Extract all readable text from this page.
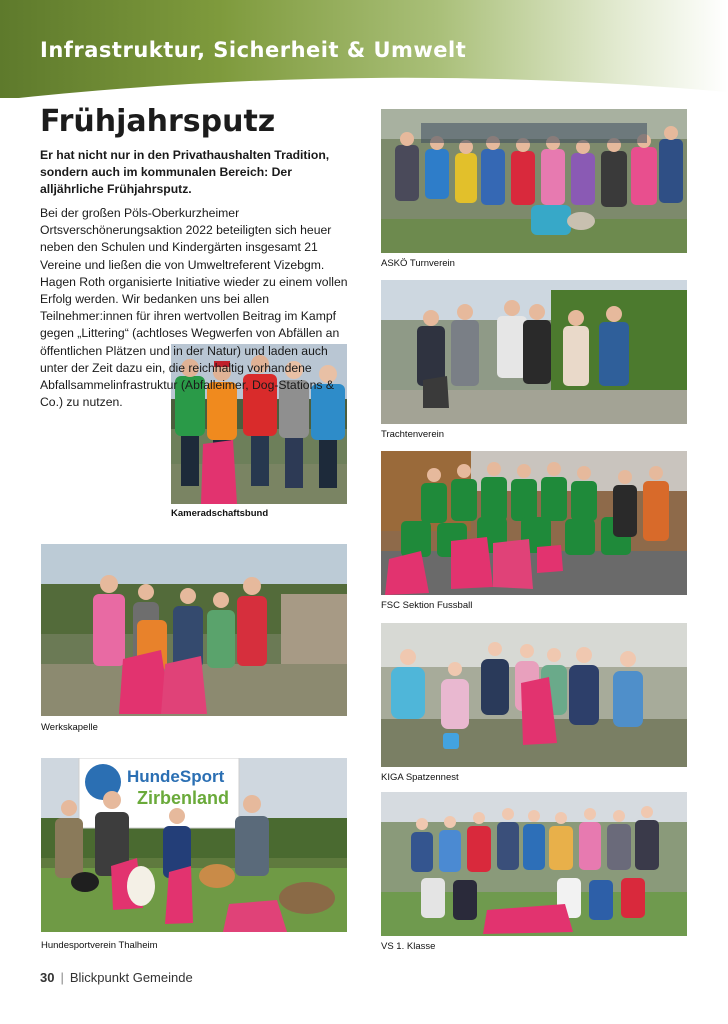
Infrastruktur, Sicherheit & Umwelt
Frühjahrsputz
Er hat nicht nur in den Privathaushalten Tradition, sondern auch im kommunalen Bereich: Der alljährliche Frühjahrsputz.
Bei der großen Pöls-Oberkurzheimer Ortsverschönerungsaktion 2022 beteiligten sich heuer neben den Schulen und Kindergärten insgesamt 21 Vereine und ließen die von Umweltreferent Vizebgm. Hagen Roth organisierte Initiative wieder zu einem vollen Erfolg werden. Wir bedanken uns bei allen Teilnehmer:innen für ihren wertvollen Beitrag im Kampf gegen „Littering“ (achtloses Wegwerfen von Abfällen an öffentlichen Plätzen und in der Natur) und laden auch unter der Zeit dazu ein, die reichhaltig vorhandene Abfallsammelinfrastruktur (Abfalleimer, Dog-Stations & Co.) zu nutzen.
Kameradschaftsbund
Werkskapelle
HundeSport
Zirbenland
Hundesportverein Thalheim
ASKÖ Turnverein
Trachtenverein
FSC Sektion Fussball
KIGA Spatzennest
VS 1. Klasse
30 | Blickpunkt Gemeinde
